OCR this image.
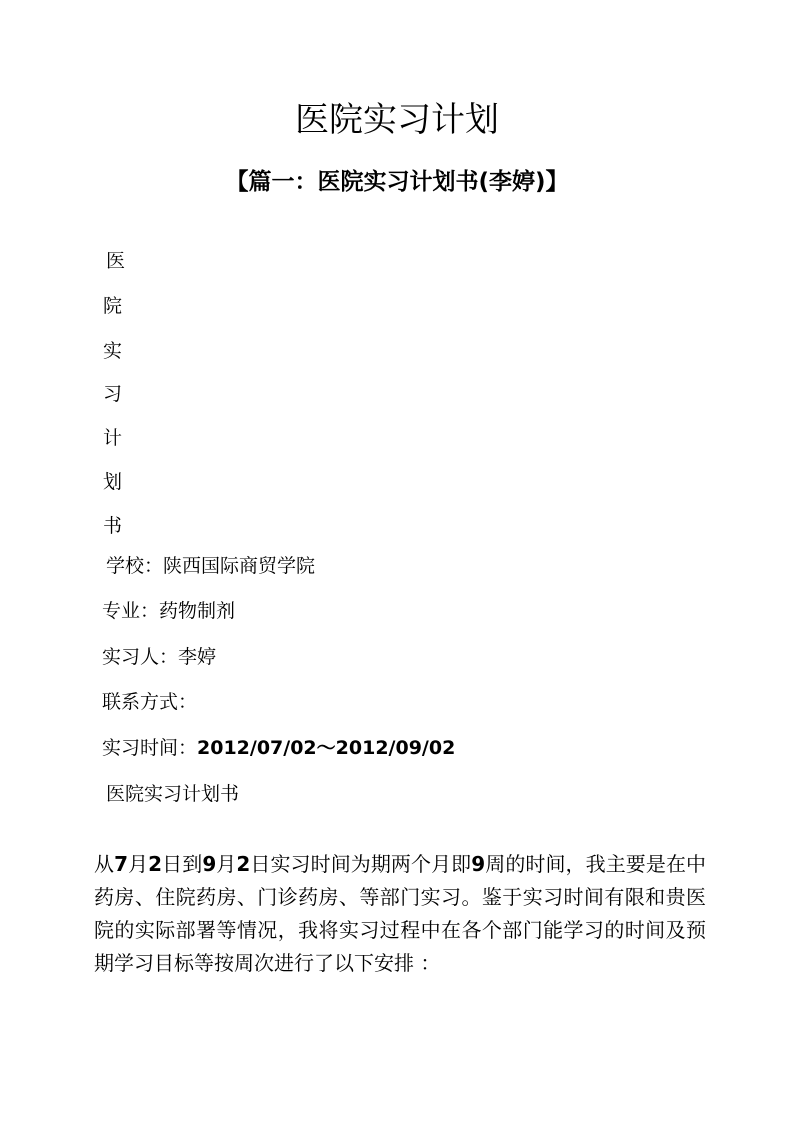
医院实习计划
【篇一：医院实习计划书(李婷)】
医
院
实
习
计
划
书
学校：陕西国际商贸学院
专业：药物制剂
实习人：李婷
联系方式：
实习时间：2012/07/02～2012/09/02
医院实习计划书

从7月2日到9月2日实习时间为期两个月即9周的时间，我主要是在中药房、住院药房、门诊药房、等部门实习。鉴于实习时间有限和贵医院的实际部署等情况，我将实习过程中在各个部门能学习的时间及预期学习目标等按周次进行了以下安排 ：
